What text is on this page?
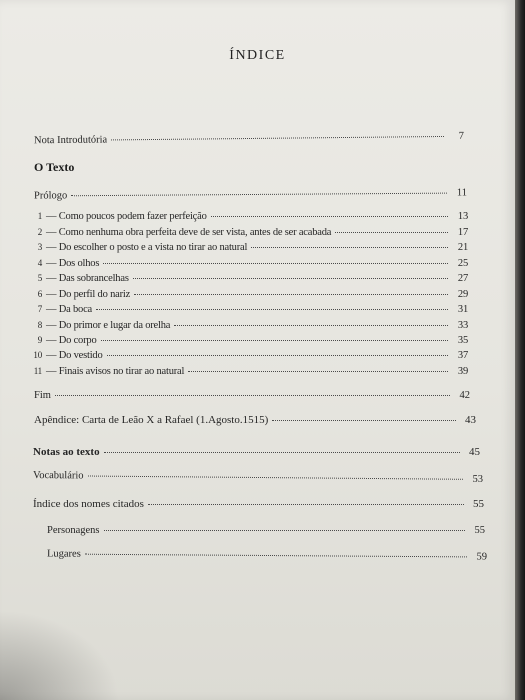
ÍNDICE
Nota Introdutória	7
O Texto
Prólogo	11
1 — Como poucos podem fazer perfeição	13
2 — Como nenhuma obra perfeita deve de ser vista, antes de ser acabada	17
3 — Do escolher o posto e a vista no tirar ao natural	21
4 — Dos olhos	25
5 — Das sobrancelhas	27
6 — Do perfil do nariz	29
7 — Da boca	31
8 — Do primor e lugar da orelha	33
9 — Do corpo	35
10 — Do vestido	37
11 — Finais avisos no tirar ao natural	39
Fim	42
Apêndice: Carta de Leão X a Rafael (1.Agosto.1515)	43
Notas ao texto	45
Vocabulário	53
Índice dos nomes citados	55
Personagens	55
Lugares	59
